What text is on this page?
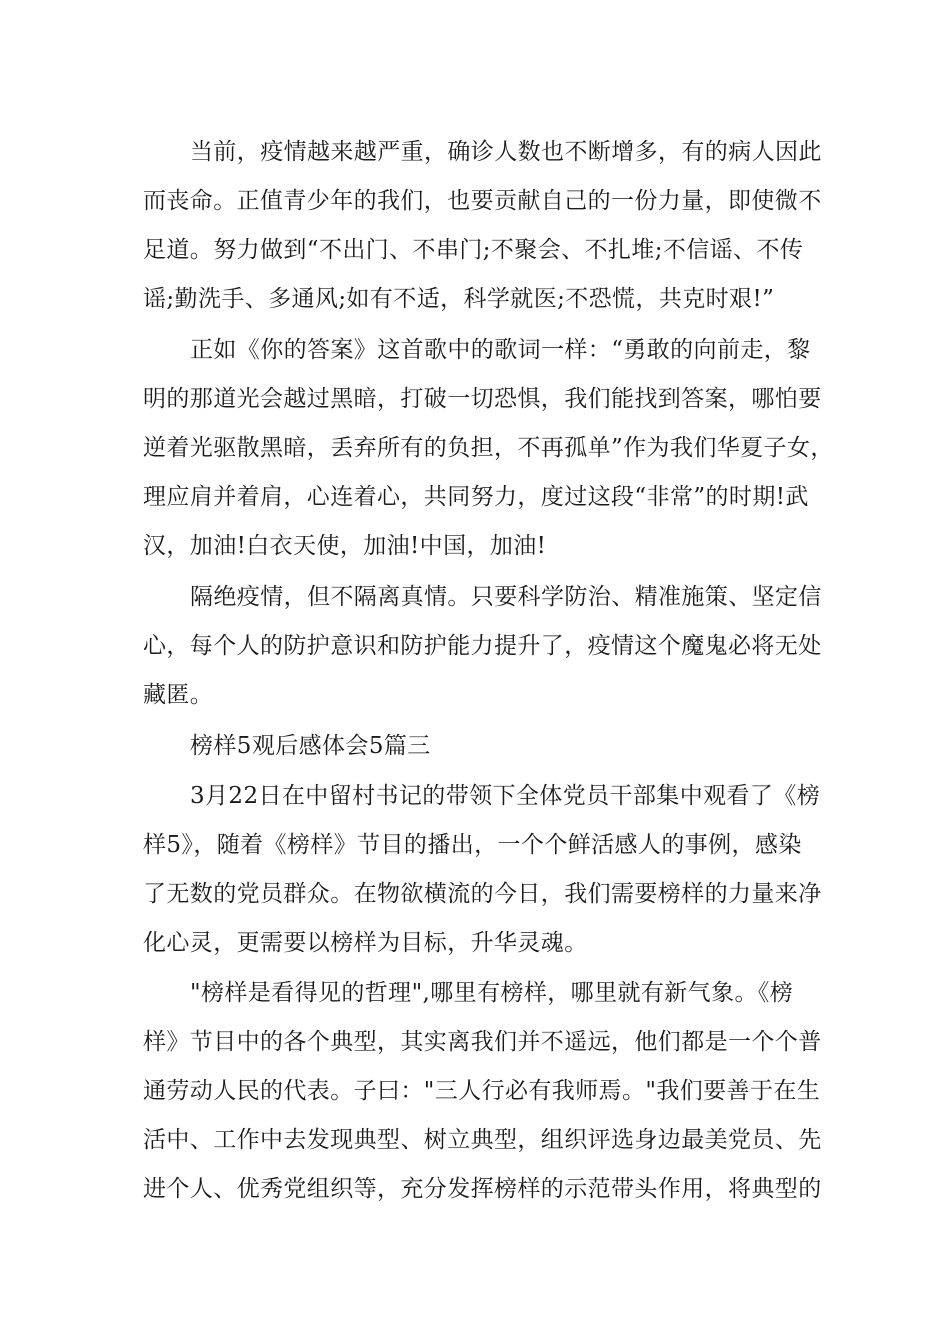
当前，疫情越来越严重，确诊人数也不断增多，有的病人因此
而丧命。正值青少年的我们，也要贡献自己的一份力量，即使微不
足道。努力做到“不出门、不串门;不聚会、不扎堆;不信谣、不传
谣;勤洗手、多通风;如有不适，科学就医;不恐慌，共克时艰!”
正如《你的答案》这首歌中的歌词一样：“勇敢的向前走，黎
明的那道光会越过黑暗，打破一切恐惧，我们能找到答案，哪怕要
逆着光驱散黑暗，丢弃所有的负担，不再孤单”作为我们华夏子女，
理应肩并着肩，心连着心，共同努力，度过这段“非常”的时期!武
汉，加油!白衣天使，加油!中国，加油!
隔绝疫情，但不隔离真情。只要科学防治、精准施策、坚定信
心，每个人的防护意识和防护能力提升了，疫情这个魔鬼必将无处
藏匿。
榜样5观后感体会5篇三
3月22日在中留村书记的带领下全体党员干部集中观看了《榜
样5》，随着《榜样》节目的播出，一个个鲜活感人的事例，感染
了无数的党员群众。在物欲横流的今日，我们需要榜样的力量来净
化心灵，更需要以榜样为目标，升华灵魂。
"榜样是看得见的哲理",哪里有榜样，哪里就有新气象。《榜
样》节目中的各个典型，其实离我们并不遥远，他们都是一个个普
通劳动人民的代表。子曰："三人行必有我师焉。"我们要善于在生
活中、工作中去发现典型、树立典型，组织评选身边最美党员、先
进个人、优秀党组织等，充分发挥榜样的示范带头作用，将典型的
